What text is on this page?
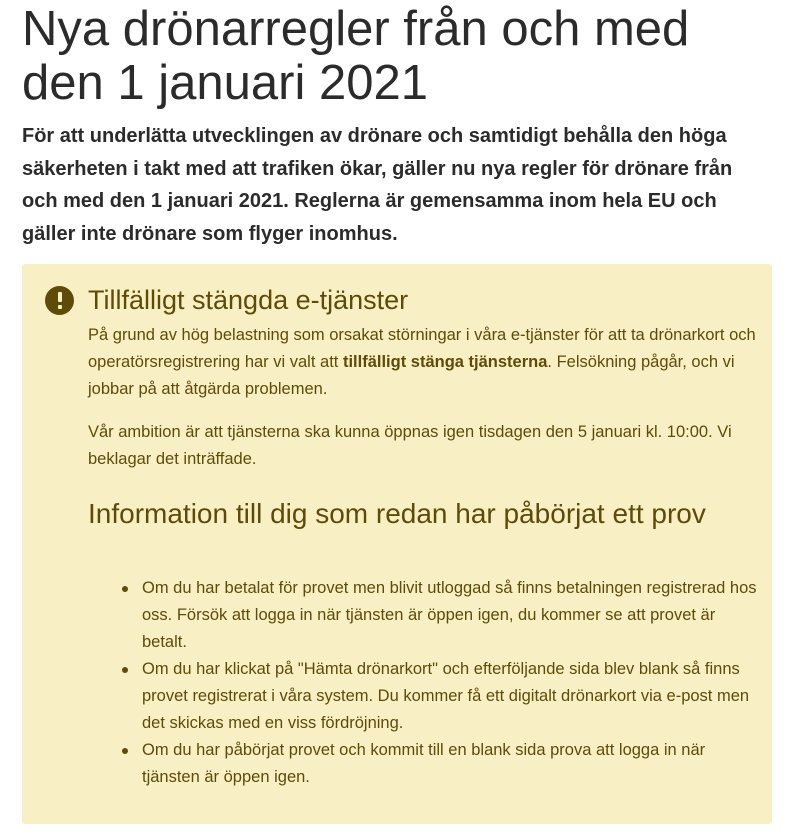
Nya drönarregler från och med den 1 januari 2021

För att underlätta utvecklingen av drönare och samtidigt behålla den höga säkerheten i takt med att trafiken ökar, gäller nu nya regler för drönare från och med den 1 januari 2021. Reglerna är gemensamma inom hela EU och gäller inte drönare som flyger inomhus.

Tillfälligt stängda e-tjänster

På grund av hög belastning som orsakat störningar i våra e-tjänster för att ta drönarkort och operatörsregistrering har vi valt att tillfälligt stänga tjänsterna. Felsökning pågår, och vi jobbar på att åtgärda problemen.

Vår ambition är att tjänsterna ska kunna öppnas igen tisdagen den 5 januari kl. 10:00. Vi beklagar det inträffade.

Information till dig som redan har påbörjat ett prov
Om du har betalat för provet men blivit utloggad så finns betalningen registrerad hos oss. Försök att logga in när tjänsten är öppen igen, du kommer se att provet är betalt.
Om du har klickat på "Hämta drönarkort" och efterföljande sida blev blank så finns provet registrerat i våra system. Du kommer få ett digitalt drönarkort via e-post men det skickas med en viss fördröjning.
Om du har påbörjat provet och kommit till en blank sida prova att logga in när tjänsten är öppen igen.
